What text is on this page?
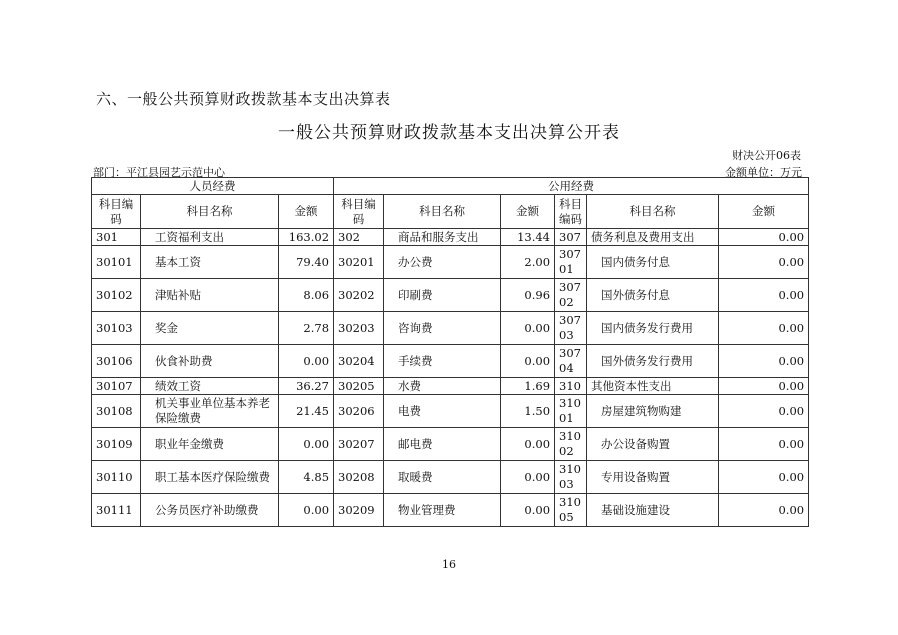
六、一般公共预算财政拨款基本支出决算表
一般公共预算财政拨款基本支出决算公开表
财决公开06表
部门：平江县园艺示范中心	金额单位：万元
人员经费			公用经费					
科目编码	科目名称	金额	科目编码	科目名称	金额	科目编码	科目名称	金额
301	工资福利支出	163.02	302	商品和服务支出	13.44	307	债务利息及费用支出	0.00
30101	基本工资	79.40	30201	办公费	2.00	30701	国内债务付息	0.00
30102	津贴补贴	8.06	30202	印刷费	0.96	30702	国外债务付息	0.00
30103	奖金	2.78	30203	咨询费	0.00	30703	国内债务发行费用	0.00
30106	伙食补助费	0.00	30204	手续费	0.00	30704	国外债务发行费用	0.00
30107	绩效工资	36.27	30205	水费	1.69	310	其他资本性支出	0.00
30108	机关事业单位基本养老保险缴费	21.45	30206	电费	1.50	31001	房屋建筑物购建	0.00
30109	职业年金缴费	0.00	30207	邮电费	0.00	31002	办公设备购置	0.00
30110	职工基本医疗保险缴费	4.85	30208	取暖费	0.00	31003	专用设备购置	0.00
30111	公务员医疗补助缴费	0.00	30209	物业管理费	0.00	31005	基础设施建设	0.00
16
